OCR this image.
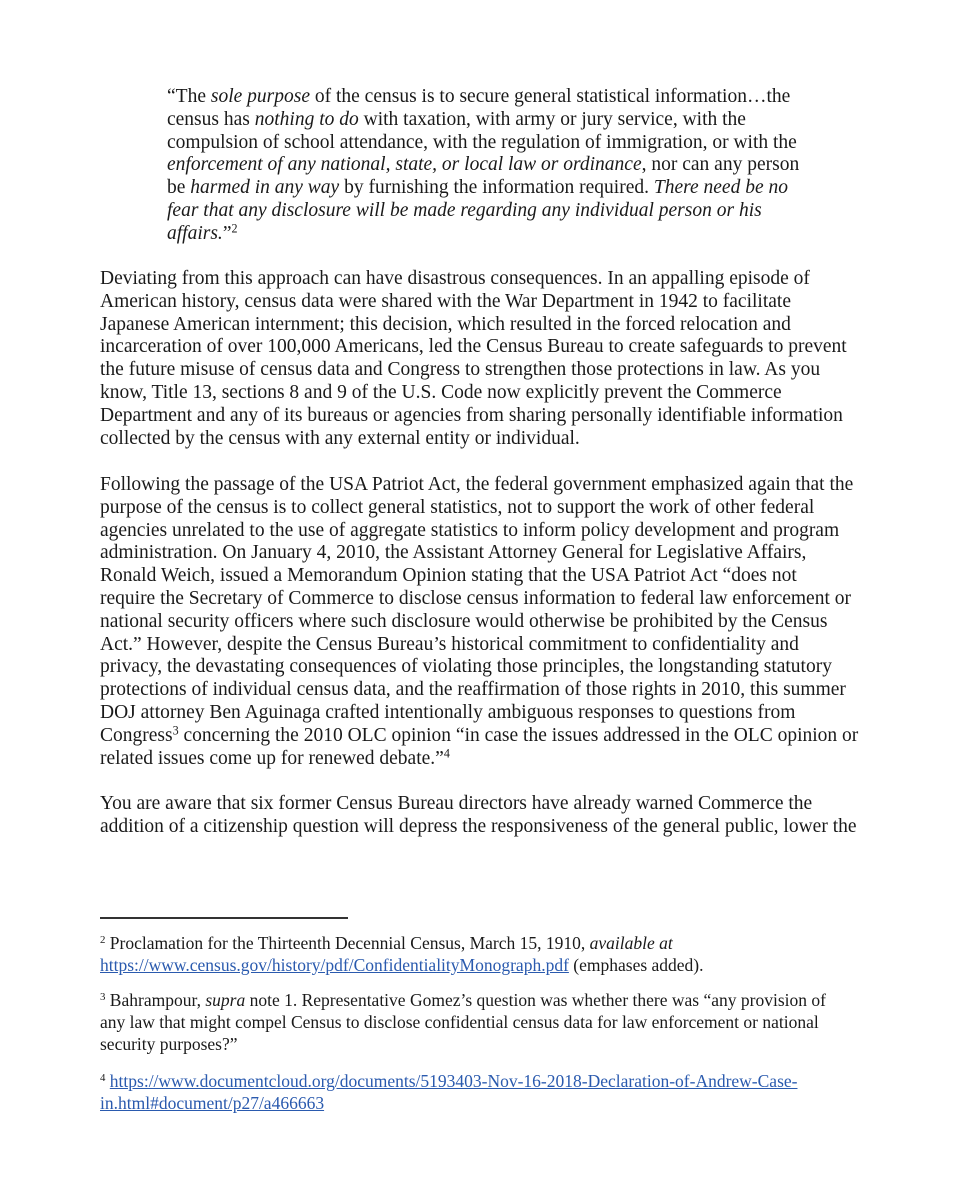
“The sole purpose of the census is to secure general statistical information…the
census has nothing to do with taxation, with army or jury service, with the
compulsion of school attendance, with the regulation of immigration, or with the
enforcement of any national, state, or local law or ordinance, nor can any person
be harmed in any way by furnishing the information required. There need be no
fear that any disclosure will be made regarding any individual person or his
affairs.”$^2$
Deviating from this approach can have disastrous consequences. In an appalling episode of
American history, census data were shared with the War Department in 1942 to facilitate
Japanese American internment; this decision, which resulted in the forced relocation and
incarceration of over 100,000 Americans, led the Census Bureau to create safeguards to prevent
the future misuse of census data and Congress to strengthen those protections in law. As you
know, Title 13, sections 8 and 9 of the U.S. Code now explicitly prevent the Commerce
Department and any of its bureaus or agencies from sharing personally identifiable information
collected by the census with any external entity or individual.
Following the passage of the USA Patriot Act, the federal government emphasized again that the
purpose of the census is to collect general statistics, not to support the work of other federal
agencies unrelated to the use of aggregate statistics to inform policy development and program
administration. On January 4, 2010, the Assistant Attorney General for Legislative Affairs,
Ronald Weich, issued a Memorandum Opinion stating that the USA Patriot Act “does not
require the Secretary of Commerce to disclose census information to federal law enforcement or
national security officers where such disclosure would otherwise be prohibited by the Census
Act.” However, despite the Census Bureau’s historical commitment to confidentiality and
privacy, the devastating consequences of violating those principles, the longstanding statutory
protections of individual census data, and the reaffirmation of those rights in 2010, this summer
DOJ attorney Ben Aguinaga crafted intentionally ambiguous responses to questions from
Congress$^3$ concerning the 2010 OLC opinion “in case the issues addressed in the OLC opinion or
related issues come up for renewed debate.”$^4$
You are aware that six former Census Bureau directors have already warned Commerce the
addition of a citizenship question will depress the responsiveness of the general public, lower the
$^2$ Proclamation for the Thirteenth Decennial Census, March 15, 1910, available at
https://www.census.gov/history/pdf/ConfidentialityMonograph.pdf (emphases added).
$^3$ Bahrampour, supra note 1. Representative Gomez’s question was whether there was “any provision of
any law that might compel Census to disclose confidential census data for law enforcement or national
security purposes?”
$^4$ https://www.documentcloud.org/documents/5193403-Nov-16-2018-Declaration-of-Andrew-Case-
in.html#document/p27/a466663
